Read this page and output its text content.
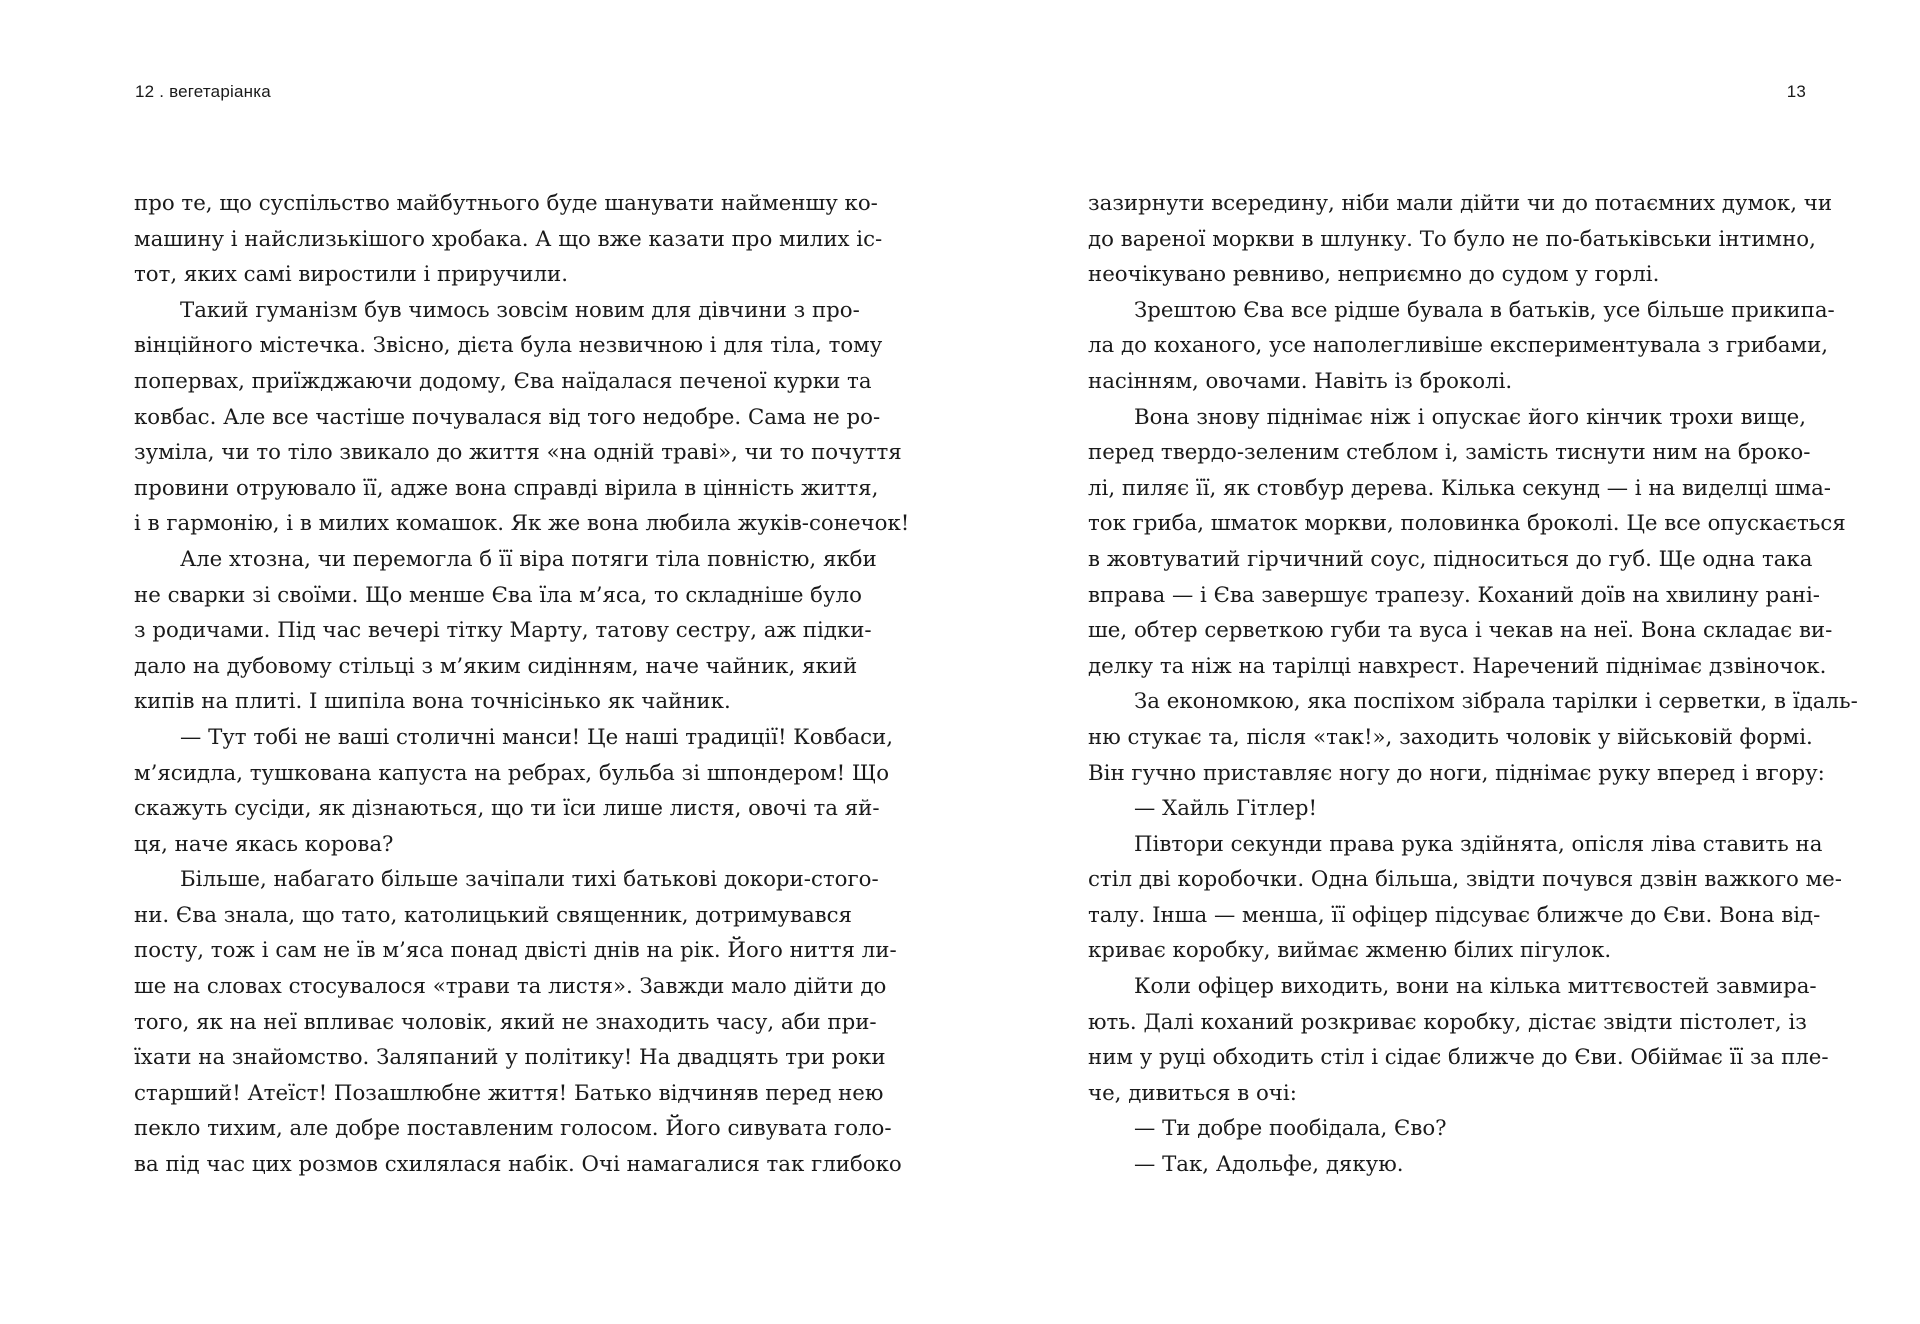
12 . вегетаріанка
про те, що суспільство майбутнього буде шанувати найменшу ко-
машину і найслизькішого хробака. А що вже казати про милих іс-
тот, яких самі виростили і приручили.
Такий гуманізм був чимось зовсім новим для дівчини з про-
вінційного містечка. Звісно, дієта була незвичною і для тіла, тому
поперваx, приїжджаючи додому, Єва наїдалася печеної курки та
ковбас. Але все частіше почувалася від того недобре. Сама не ро-
зуміла, чи то тіло звикало до життя «на одній траві», чи то почуття
провини отруювало її, адже вона справді вірила в цінність життя,
і в гармонію, і в милих комашок. Як же вона любила жуків-сонечок!
Але хтозна, чи перемогла б її віра потяги тіла повністю, якби
не сварки зі своїми. Що менше Єва їла м’яса, то складніше було
з родичами. Під час вечері тітку Марту, татову сестру, аж підки-
дало на дубовому стільці з м’яким сидінням, наче чайник, який
кипів на плиті. І шипіла вона точнісінько як чайник.
— Тут тобі не ваші столичні манси! Це наші традиції! Ковбаси,
м’ясидла, тушкована капуста на ребрах, бульба зі шпондером! Що
скажуть сусіди, як дізнаються, що ти їси лише листя, овочі та яй-
ця, наче якась корова?
Більше, набагато більше зачіпали тихі батькові докори-стого-
ни. Єва знала, що тато, католицький священник, дотримувався
посту, тож і сам не їв м’яса понад двісті днів на рік. Його ниття ли-
ше на словах стосувалося «трави та листя». Завжди мало дійти до
того, як на неї впливає чоловік, який не знаходить часу, аби при-
їхати на знайомство. Заляпаний у політику! На двадцять три роки
старший! Атеїст! Позашлюбне життя! Батько відчиняв перед нею
пекло тихим, але добре поставленим голосом. Його сивувата голо-
ва під час цих розмов схилялася набік. Очі намагалися так глибоко
13
зазирнути всередину, ніби мали дійти чи до потаємних думок, чи
до вареної моркви в шлунку. То було не по-батьківськи інтимно,
неочікувано ревниво, неприємно до судом у горлі.
Зрештою Єва все рідше бувала в батьків, усе більше прикипа-
ла до коханого, усе наполегливіше експериментувала з грибами,
насінням, овочами. Навіть із броколі.
Вона знову піднімає ніж і опускає його кінчик трохи вище,
перед твердо-зеленим стеблом і, замість тиснути ним на броко-
лі, пиляє її, як стовбур дерева. Кілька секунд — і на виделці шма-
ток гриба, шматок моркви, половинка броколі. Це все опускається
в жовтуватий гірчичний соус, підноситься до губ. Ще одна така
вправа — і Єва завершує трапезу. Коханий доїв на хвилину рані-
ше, обтер серветкою губи та вуса і чекав на неї. Вона складає ви-
делку та ніж на тарілці навхрест. Наречений піднімає дзвіночок.
За економкою, яка поспіхом зібрала тарілки і серветки, в їдаль-
ню стукає та, після «так!», заходить чоловік у військовій формі.
Він гучно приставляє ногу до ноги, піднімає руку вперед і вгору:
— Хайль Гітлер!
Півтори секунди права рука здійнята, опісля ліва ставить на
стіл дві коробочки. Одна більша, звідти почувся дзвін важкого ме-
талу. Інша — менша, її офіцер підсуває ближче до Єви. Вона від-
криває коробку, виймає жменю білих пігулок.
Коли офіцер виходить, вони на кілька миттєвостей завмира-
ють. Далі коханий розкриває коробку, дістає звідти пістолет, із
ним у руці обходить стіл і сідає ближче до Єви. Обіймає її за пле-
че, дивиться в очі:
— Ти добре пообідала, Єво?
— Так, Адольфе, дякую.
